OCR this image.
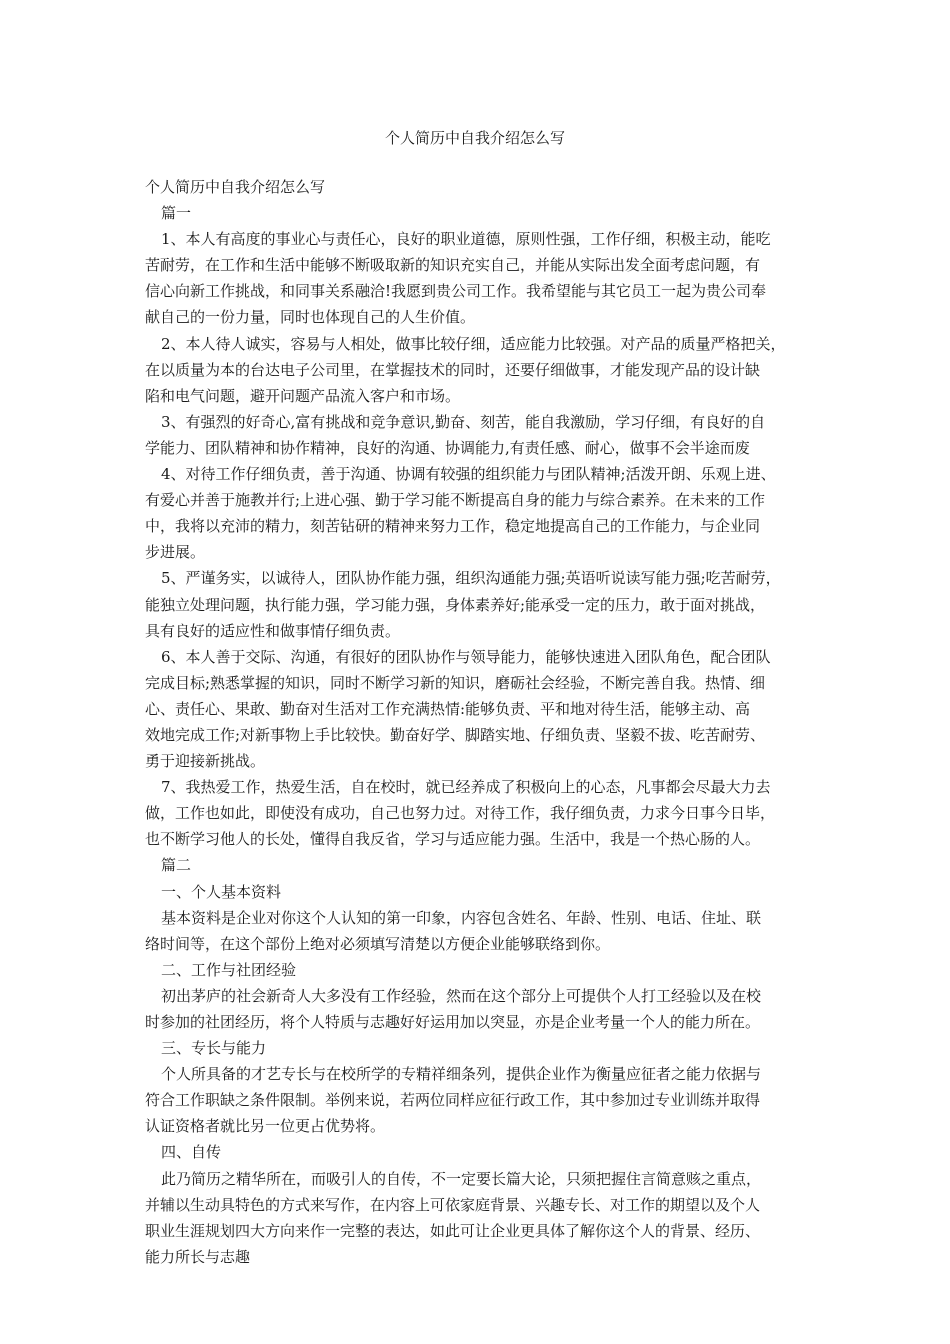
个人简历中自我介绍怎么写

个人简历中自我介绍怎么写

篇一

1、本人有高度的事业心与责任心，良好的职业道德，原则性强，工作仔细，积极主动，能吃

苦耐劳，在工作和生活中能够不断吸取新的知识充实自己，并能从实际出发全面考虑问题，有

信心向新工作挑战，和同事关系融洽!我愿到贵公司工作。我希望能与其它员工一起为贵公司奉

献自己的一份力量，同时也体现自己的人生价值。

2、本人待人诚实，容易与人相处，做事比较仔细，适应能力比较强。对产品的质量严格把关，

在以质量为本的台达电子公司里，在掌握技术的同时，还要仔细做事，才能发现产品的设计缺

陷和电气问题，避开问题产品流入客户和市场。

3、有强烈的好奇心,富有挑战和竞争意识,勤奋、刻苦，能自我激励，学习仔细，有良好的自

学能力、团队精神和协作精神，良好的沟通、协调能力,有责任感、耐心，做事不会半途而废

4、对待工作仔细负责，善于沟通、协调有较强的组织能力与团队精神;活泼开朗、乐观上进、

有爱心并善于施教并行;上进心强、勤于学习能不断提高自身的能力与综合素养。在未来的工作

中，我将以充沛的精力，刻苦钻研的精神来努力工作，稳定地提高自己的工作能力，与企业同

步进展。

5、严谨务实，以诚待人，团队协作能力强，组织沟通能力强;英语听说读写能力强;吃苦耐劳，

能独立处理问题，执行能力强，学习能力强，身体素养好;能承受一定的压力，敢于面对挑战，

具有良好的适应性和做事情仔细负责。

6、本人善于交际、沟通，有很好的团队协作与领导能力，能够快速进入团队角色，配合团队

完成目标;熟悉掌握的知识，同时不断学习新的知识，磨砺社会经验，不断完善自我。热情、细

心、责任心、果敢、勤奋对生活对工作充满热情:能够负责、平和地对待生活，能够主动、高

效地完成工作;对新事物上手比较快。勤奋好学、脚踏实地、仔细负责、坚毅不拔、吃苦耐劳、

勇于迎接新挑战。

7、我热爱工作，热爱生活，自在校时，就已经养成了积极向上的心态，凡事都会尽最大力去

做，工作也如此，即使没有成功，自己也努力过。对待工作，我仔细负责，力求今日事今日毕，

也不断学习他人的长处，懂得自我反省，学习与适应能力强。生活中，我是一个热心肠的人。

篇二

一、个人基本资料

基本资料是企业对你这个人认知的第一印象，内容包含姓名、年龄、性别、电话、住址、联

络时间等，在这个部份上绝对必须填写清楚以方便企业能够联络到你。

二、工作与社团经验

初出茅庐的社会新奇人大多没有工作经验，然而在这个部分上可提供个人打工经验以及在校

时参加的社团经历，将个人特质与志趣好好运用加以突显，亦是企业考量一个人的能力所在。

三、专长与能力

个人所具备的才艺专长与在校所学的专精祥细条列，提供企业作为衡量应征者之能力依据与

符合工作职缺之条件限制。举例来说，若两位同样应征行政工作，其中参加过专业训练并取得

认证资格者就比另一位更占优势将。

四、自传

此乃简历之精华所在，而吸引人的自传，不一定要长篇大论，只须把握住言简意赅之重点，

并辅以生动具特色的方式来写作，在内容上可依家庭背景、兴趣专长、对工作的期望以及个人

职业生涯规划四大方向来作一完整的表达，如此可让企业更具体了解你这个人的背景、经历、

能力所长与志趣
